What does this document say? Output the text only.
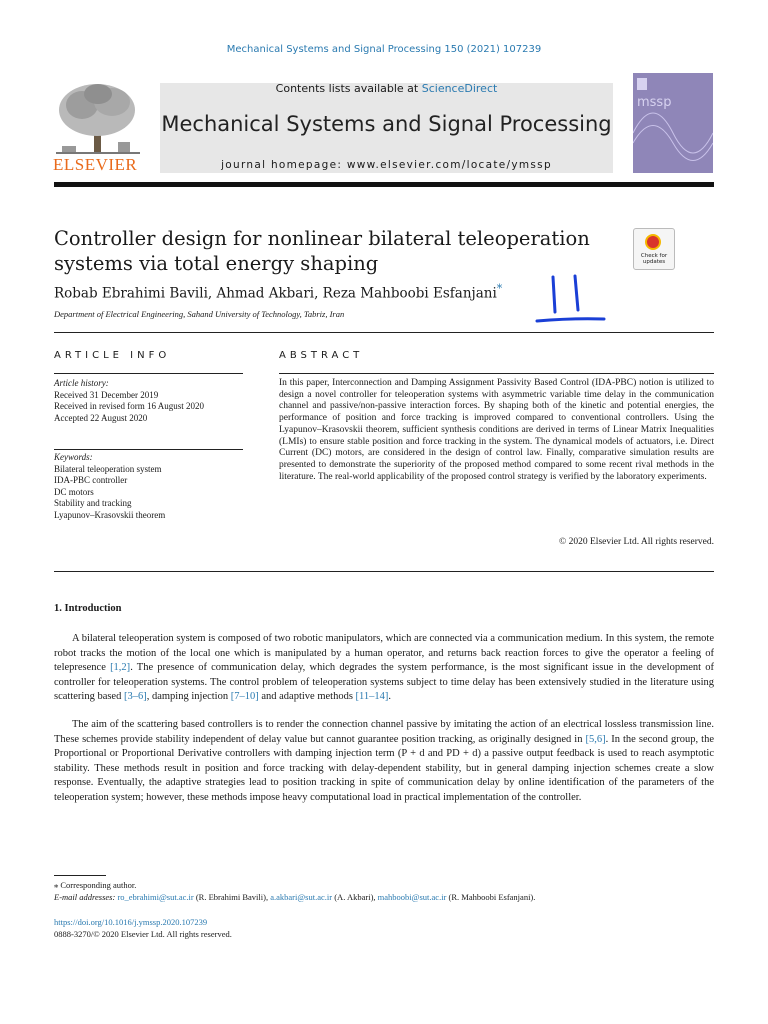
Mechanical Systems and Signal Processing 150 (2021) 107239
Contents lists available at ScienceDirect
Mechanical Systems and Signal Processing
journal homepage: www.elsevier.com/locate/ymssp
ELSEVIER
mssp
Controller design for nonlinear bilateral teleoperation systems via total energy shaping	Check for updates
Robab Ebrahimi Bavili, Ahmad Akbari, Reza Mahboobi Esfanjani*
Department of Electrical Engineering, Sahand University of Technology, Tabriz, Iran
ARTICLE INFO	ABSTRACT
Article history:
Received 31 December 2019
Received in revised form 16 August 2020
Accepted 22 August 2020
Keywords:
Bilateral teleoperation system
IDA-PBC controller
DC motors
Stability and tracking
Lyapunov–Krasovskii theorem
In this paper, Interconnection and Damping Assignment Passivity Based Control (IDA-PBC) notion is utilized to design a novel controller for teleoperation systems with asymmetric variable time delay in the communication channel and passive/non-passive interaction forces. By shaping both of the kinetic and potential energies, the performance of position and force tracking is improved compared to conventional controllers. Using the Lyapunov–Krasovskii theorem, sufficient synthesis conditions are derived in terms of Linear Matrix Inequalities (LMIs) to ensure stable position and force tracking in the system. The dynamical models of actuators, i.e. Direct Current (DC) motors, are considered in the design of control law. Finally, comparative simulation results are presented to demonstrate the superiority of the proposed method compared to some recent rival methods in the literature. The real-world applicability of the proposed control strategy is verified by the laboratory experiments.
© 2020 Elsevier Ltd. All rights reserved.
1. Introduction
A bilateral teleoperation system is composed of two robotic manipulators, which are connected via a communication medium. In this system, the remote robot tracks the motion of the local one which is manipulated by a human operator, and returns back reaction forces to give the operator a feeling of telepresence [1,2]. The presence of communication delay, which degrades the system performance, is the most significant issue in the development of controller for teleoperation systems. The control problem of teleoperation systems subject to time delay has been extensively studied in the literature using scattering based [3–6], damping injection [7–10] and adaptive methods [11–14].
The aim of the scattering based controllers is to render the connection channel passive by imitating the action of an electrical lossless transmission line. These schemes provide stability independent of delay value but cannot guarantee position tracking, as originally designed in [5,6]. In the second group, the Proportional or Proportional Derivative controllers with damping injection term (P + d and PD + d) a passive output feedback is used to reach asymptotic stability. These methods result in position and force tracking with delay-dependent stability, but in general damping injection schemes create a slow response. Eventually, the adaptive strategies lead to position tracking in spite of communication delay by online identification of the parameters of the teleoperation system; however, these methods impose heavy computational load in practical implementation of the controller.
⁎ Corresponding author.
E-mail addresses: ro_ebrahimi@sut.ac.ir (R. Ebrahimi Bavili), a.akbari@sut.ac.ir (A. Akbari), mahboobi@sut.ac.ir (R. Mahboobi Esfanjani).
https://doi.org/10.1016/j.ymssp.2020.107239
0888-3270/© 2020 Elsevier Ltd. All rights reserved.
